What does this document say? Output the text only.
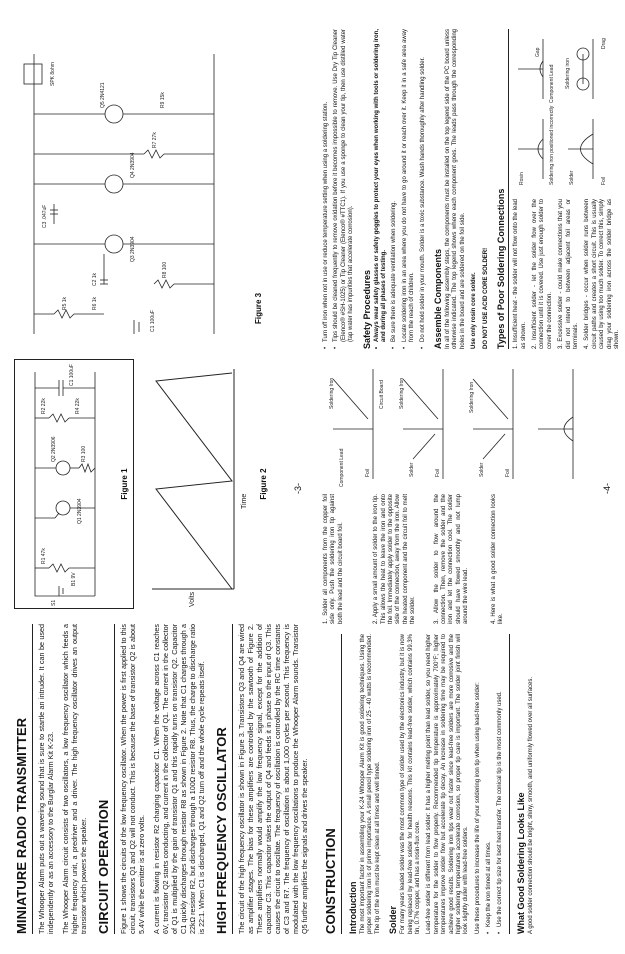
MINIATURE RADIO TRANSMITTER The Whooper Alarm puts out a wavering sound that is sure to startle an intruder. It can be used independently or as an accessory to the Burglar Alarm Kit K-23. The Whooper Alarm circuit consists of two oscillators, a low frequency oscillator which feeds a higher frequency unit, a predriver and a driver. The high frequency oscillator drives an output transistor which powers the speaker. CIRCUIT OPERATION Figure 1 shows the circuits of the low frequency oscillator. When the power is first applied to this circuit, transistors Q1 and Q2 will not conduct. This is because the base of transistor Q2 is about 5.4V while the emitter is at zero volts. A current is flowing in resistor R2 charging capacitor C1. When the voltage across C1 reaches 6V, transistor Q2 starts conducting, and current in the collector of Q1. The current in the collector of Q1 is multiplied by the gain of transistor Q1 and this rapidly turns on transistor Q2. Capacitor C1 quickly discharges through resistor R8 as shown in Figure 2. Note that C1 charges through a 22kΩ resistor R2, but discharges through a 100Ω resistor R8. Thus, the charge to discharge ratio is 22:1. When C1 is discharged, Q1 and Q2 turn off and the whole cycle repeats itself. HIGH FREQUENCY OSCILLATOR The circuit of the high frequency oscillator is shown in Figure 3. Transistors Q3 and Q4 are wired as amplifier stages. The bias for these amplifiers are controlled by the sawtooth of Figure 2. These amplifiers normally would amplify the low frequency signal, except for the addition of capacitor C3. This capacitor takes the output of Q4 and feeds it in phase to the input of Q3. This causes the circuit to oscillate. The frequency of oscillation is controlled by the RC time constants of C3 and R7. The frequency of oscillation is about 1,000 cycles per second. This frequency is modulated with the low frequency oscillations to produce the Whooper Alarm sounds. Transistor Q5 further amplifies the signals and drives the speaker.
S1
B1 9V
R1 47k
R2 22k
Q1 2N3904
Q2 2N3906	R3 100
R4 22k
C1 100uF
Figure 1
Time
Volts
Figure 2
R5 1k	R6 1k
C2 1k
Q3 2N3904
C3 .047uF
Q4 2N3904
R7 27k
R8 100
R9 15k
C1 100uF
Q5 2N4121
SPK 8ohm
Figure 3
-3-
CONSTRUCTION Introduction The most important factor in assembling your K-24 Whooper Alarm Kit is good soldering techniques. Using the proper soldering iron is of prime importance. A small pencil type soldering iron of 25 - 40 watts is recommended. The tip of the iron must be kept clean at all times and well tinned. Solder For many years leaded solder was the most common type of solder used by the electronics industry, but it is now being replaced by lead-free solder for health reasons. This kit contains lead-free solder, which contains 99.3% tin, 0.7% copper, and has a rosin-flux core. Lead-free solder is different from lead solder: It has a higher melting point than lead solder, so you need higher temperature for the solder to flow properly. Recommended tip temperature is approximately 700°F; higher temperatures improve solder flow but accelerate tip decay. An increase in soldering time may be required to achieve good results. Soldering iron tips wear out faster since lead-free solders are more corrosive and the higher soldering temperatures accelerate corrosion, so proper tip care is important. The solder joint finish will look slightly duller with lead-free solders. Use these procedures to increase the life of your soldering iron tip when using lead-free solder: •
Keep the iron tinned at all times.
•
Use the correct tip size for best heat transfer. The conical tip is the most commonly used. What Good Soldering Looks Like A good solder connection should be bright, shiny, smooth, and uniformly flowed over all surfaces.
1. Solder all components from the copper foil side only. Push the soldering iron tip against both the lead and the circuit board foil.	2. Apply a small amount of solder to the iron tip. This allows the heat to leave the iron and onto the foil. Immediately apply solder to the opposite side of the connection, away from the iron. Allow the heated component and the circuit foil to melt the solder.	3. Allow the solder to flow around the connection. Then, remove the solder and the iron and let the connection cool. The solder should have flowed smoothly and not lump around the wire lead.	4. Here is what a good solder connection looks like.
Soldering Iron
Component Lead	Foil
Circuit Board	Soldering Iron
Solder	Foil	Solder
Soldering Iron
Foil
•
Turn off iron when not in use or reduce temperature setting when using a soldering station.
•
Tips should be cleaned frequently to remove oxidation before it becomes impossible to remove. Use Dry Tip Cleaner (Elenco® #SH-1025) or Tip Cleaner (Elenco® #TTC1). If you use a sponge to clean your tip, then use distilled water (tap water has impurities that accelerate corrosion). Safety Procedures •
Always wear safety glasses or safety goggles to protect your eyes when working with tools or soldering iron, and during all phases of testing.
•
Be sure there is adequate ventilation when soldering.
•
Locate soldering iron in an area where you do not have to go around it or reach over it. Keep it in a safe area away from the reach of children.
•
Do not hold solder in your mouth. Solder is a toxic substance. Wash hands thoroughly after handling solder. Assemble Components In all of the following assembly steps, the components must be installed on the top legend side of the PC board unless otherwise indicated. The top legend shows where each component goes. The leads pass through the corresponding holes in the board and are soldered on the foil side. Use only rosin core solder. DO NOT USE ACID CORE SOLDER! Types of Poor Soldering Connections 1. Insufficient heat - the solder will not flow onto the lead as shown. 2. Insufficient solder - let the solder flow over the connection until it is covered. Use just enough solder to cover the connection. 3. Excessive solder - could make connections that you did not intend to between adjacent foil areas or terminals. 4. Solder bridges - occur when solder runs between circuit paths and creates a short circuit. This is usually caused by using too much solder. To correct this, simply drag your soldering iron across the solder bridge as shown.
Rosin	Soldering iron positioned incorrectly
Gap
Component Lead
Solder
Soldering iron
Foil
Drag
-4-
